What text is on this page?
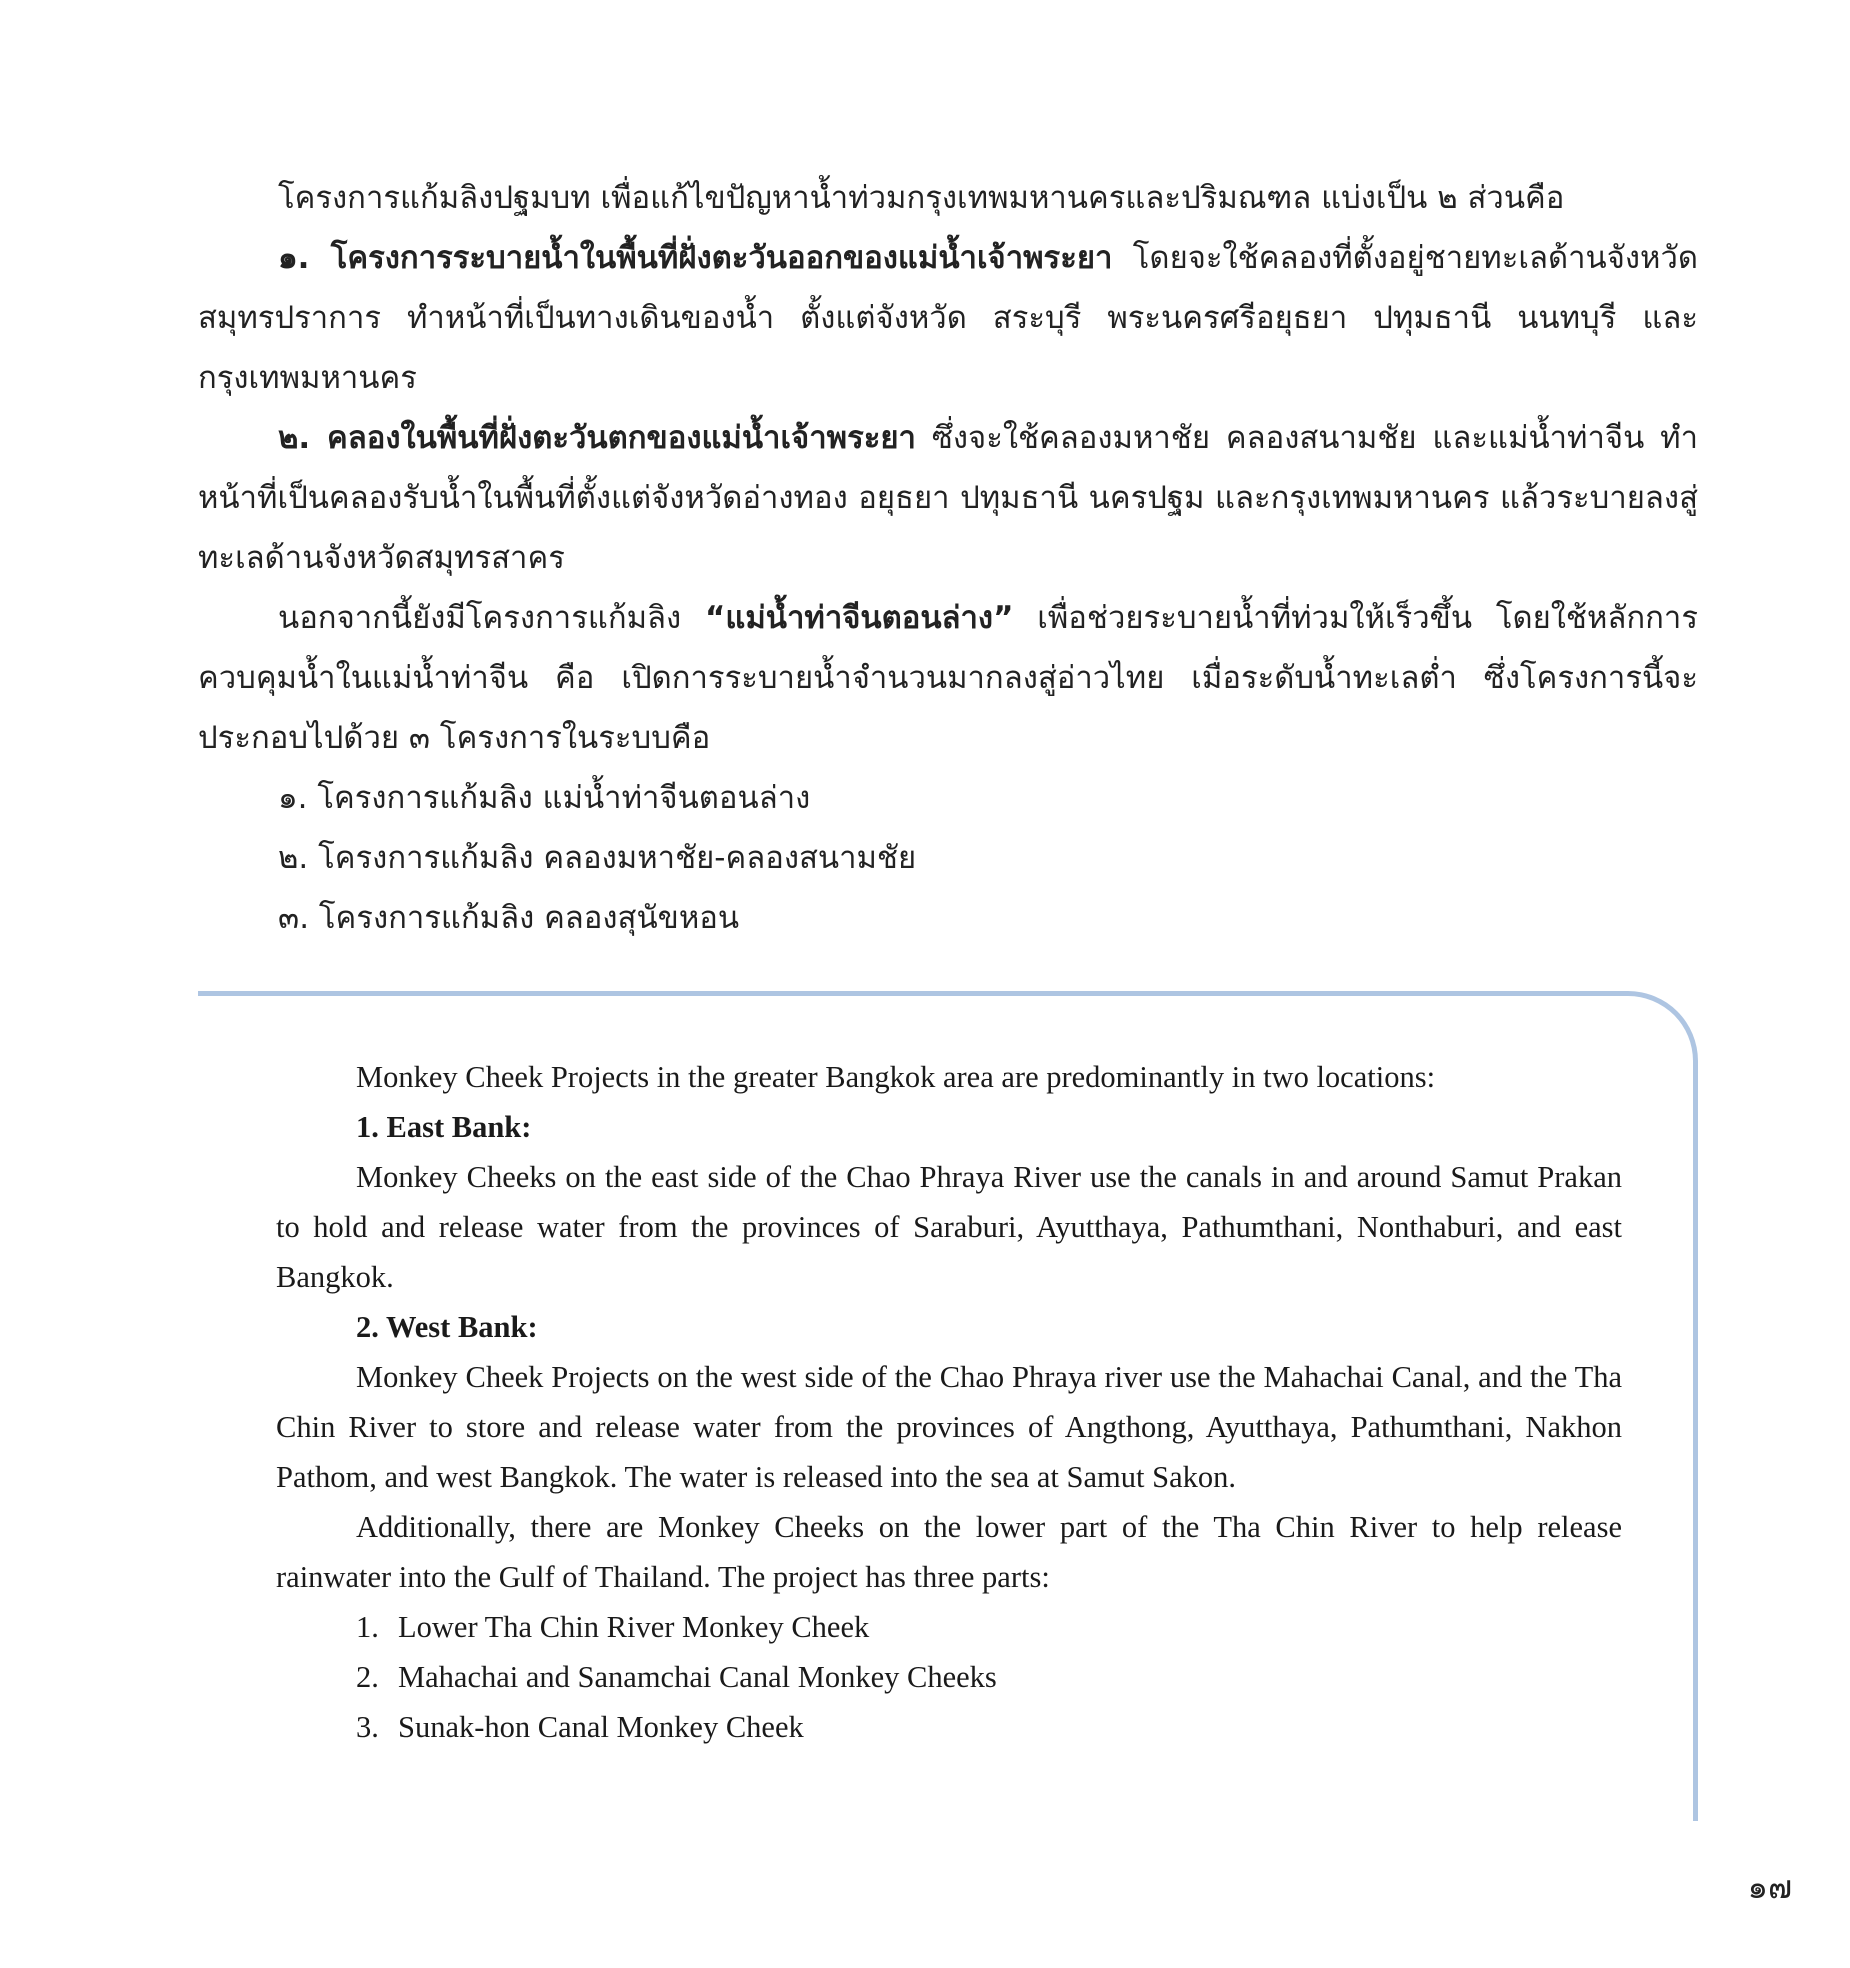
โครงการแก้มลิงปฐมบท เพื่อแก้ไขปัญหาน้ำท่วมกรุงเทพมหานครและปริมณฑล แบ่งเป็น ๒ ส่วนคือ

๑. โครงการระบายน้ำในพื้นที่ฝั่งตะวันออกของแม่น้ำเจ้าพระยา โดยจะใช้คลองที่ตั้งอยู่ชายทะเลด้านจังหวัดสมุทรปราการ ทำหน้าที่เป็นทางเดินของน้ำ ตั้งแต่จังหวัด สระบุรี พระนครศรีอยุธยา ปทุมธานี นนทบุรี และกรุงเทพมหานคร

๒. คลองในพื้นที่ฝั่งตะวันตกของแม่น้ำเจ้าพระยา ซึ่งจะใช้คลองมหาชัย คลองสนามชัย และแม่น้ำท่าจีน ทำหน้าที่เป็นคลองรับน้ำในพื้นที่ตั้งแต่จังหวัดอ่างทอง อยุธยา ปทุมธานี นครปฐม และกรุงเทพมหานคร แล้วระบายลงสู่ทะเลด้านจังหวัดสมุทรสาคร

นอกจากนี้ยังมีโครงการแก้มลิง “แม่น้ำท่าจีนตอนล่าง” เพื่อช่วยระบายน้ำที่ท่วมให้เร็วขึ้น โดยใช้หลักการควบคุมน้ำในแม่น้ำท่าจีน คือ เปิดการระบายน้ำจำนวนมากลงสู่อ่าวไทย เมื่อระดับน้ำทะเลต่ำ ซึ่งโครงการนี้จะประกอบไปด้วย ๓ โครงการในระบบคือ

๑. โครงการแก้มลิง แม่น้ำท่าจีนตอนล่าง

๒. โครงการแก้มลิง คลองมหาชัย-คลองสนามชัย

๓. โครงการแก้มลิง คลองสุนัขหอน

Monkey Cheek Projects in the greater Bangkok area are predominantly in two locations:

1. East Bank:

Monkey Cheeks on the east side of the Chao Phraya River use the canals in and around Samut Prakan to hold and release water from the provinces of Saraburi, Ayutthaya, Pathumthani, Nonthaburi, and east Bangkok.

2. West Bank:

Monkey Cheek Projects on the west side of the Chao Phraya river use the Mahachai Canal, and the Tha Chin River to store and release water from the provinces of Angthong, Ayutthaya, Pathumthani, Nakhon Pathom, and west Bangkok. The water is released into the sea at Samut Sakon.

Additionally, there are Monkey Cheeks on the lower part of the Tha Chin River to help release rainwater into the Gulf of Thailand. The project has three parts:

1. Lower Tha Chin River Monkey Cheek

2. Mahachai and Sanamchai Canal Monkey Cheeks

3. Sunak-hon Canal Monkey Cheek

๑๗
